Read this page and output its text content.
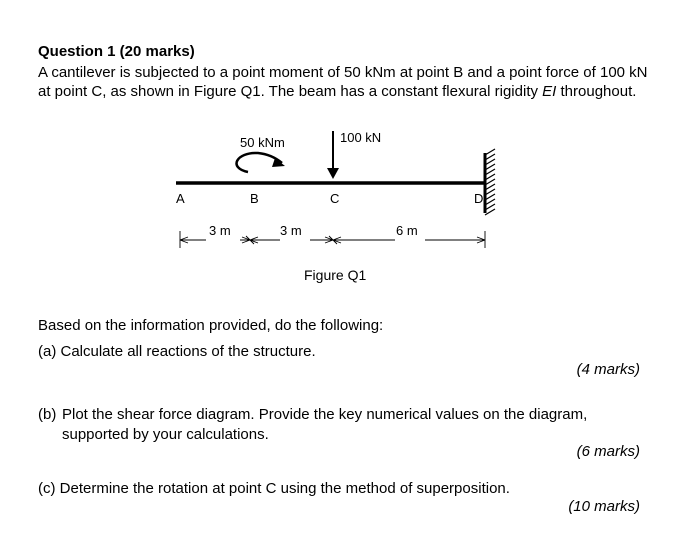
Question 1 (20 marks)
A cantilever is subjected to a point moment of 50 kNm at point B and a point force of 100 kN at point C, as shown in Figure Q1. The beam has a constant flexural rigidity EI throughout.
50 kNm	100 kN
A	B	C	D
3 m	3 m	6 m
Figure Q1
Based on the information provided, do the following:
(a) Calculate all reactions of the structure.
(4 marks)
(b) Plot the shear force diagram. Provide the key numerical values on the diagram,
supported by your calculations.
(6 marks)
(c) Determine the rotation at point C using the method of superposition.
(10 marks)
